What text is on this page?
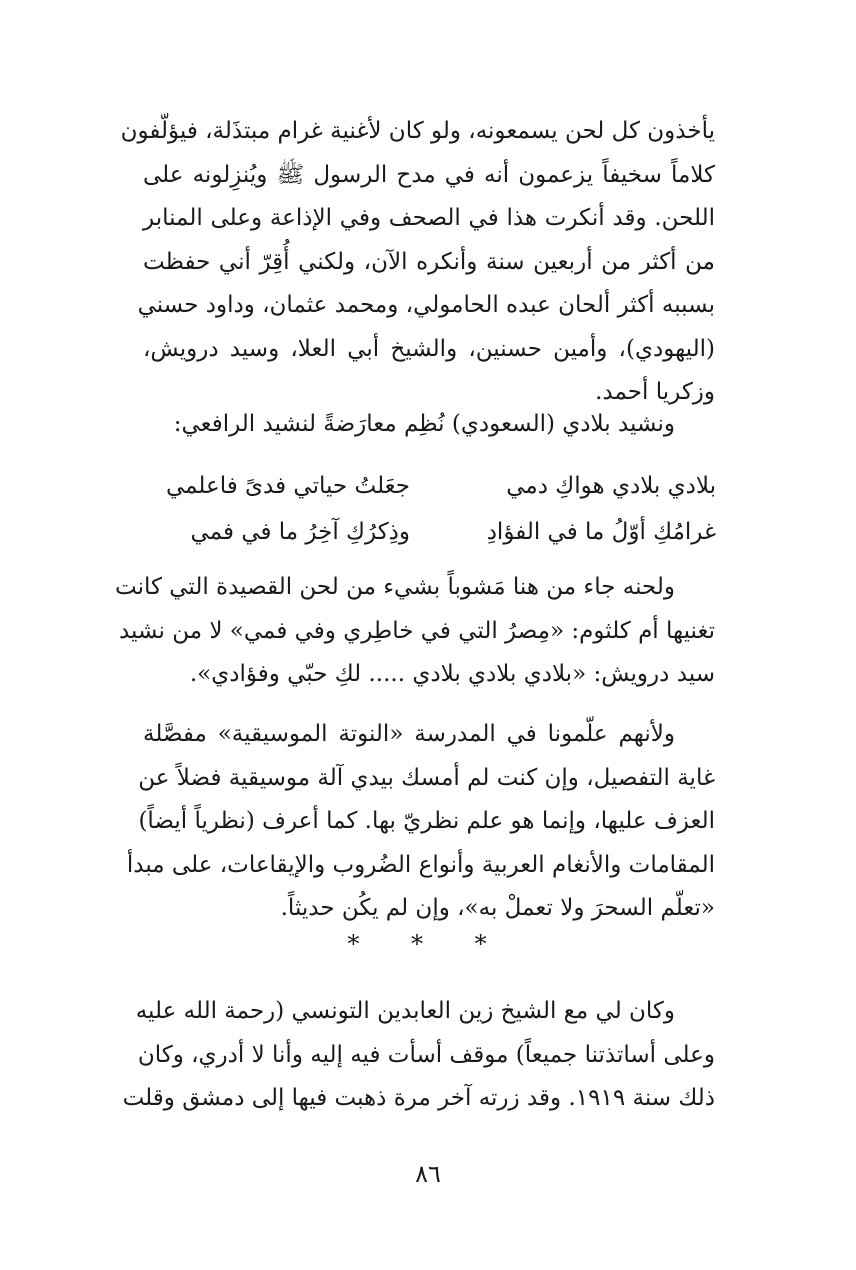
يأخذون كل لحن يسمعونه، ولو كان لأغنية غرام مبتذَلة، فيؤلّفون
كلاماً سخيفاً يزعمون أنه في مدح الرسول ﷺ ويُنزِلونه على
اللحن. وقد أنكرت هذا في الصحف وفي الإذاعة وعلى المنابر
من أكثر من أربعين سنة وأنكره الآن، ولكني أُقِرّ أني حفظت
بسببه أكثر ألحان عبده الحامولي، ومحمد عثمان، وداود حسني
(اليهودي)، وأمين حسنين، والشيخ أبي العلا، وسيد درويش،
وزكريا أحمد.
ونشيد بلادي (السعودي) نُظِم معارَضةً لنشيد الرافعي:
بلادي بلادي هواكِ دمي
جعَلتُ حياتي فدىً فاعلمي
غرامُكِ أوّلُ ما في الفؤادِ
وذِكرُكِ آخِرُ ما في فمي
ولحنه جاء من هنا مَشوباً بشيء من لحن القصيدة التي كانت
تغنيها أم كلثوم: «مِصرُ التي في خاطِري وفي فمي» لا من نشيد
سيد درويش: «بلادي بلادي بلادي ..... لكِ حبّي وفؤادي».
ولأنهم علّمونا في المدرسة «النوتة الموسيقية» مفصَّلة
غاية التفصيل، وإن كنت لم أمسك بيدي آلة موسيقية فضلاً عن
العزف عليها، وإنما هو علم نظريّ بها. كما أعرف (نظرياً أيضاً)
المقامات والأنغام العربية وأنواع الضُروب والإيقاعات، على مبدأ
«تعلّم السحرَ ولا تعملْ به»، وإن لم يكُن حديثاً.
* * *
وكان لي مع الشيخ زين العابدين التونسي (رحمة الله عليه
وعلى أساتذتنا جميعاً) موقف أسأت فيه إليه وأنا لا أدري، وكان
ذلك سنة ١٩١٩. وقد زرته آخر مرة ذهبت فيها إلى دمشق وقلت
٨٦
